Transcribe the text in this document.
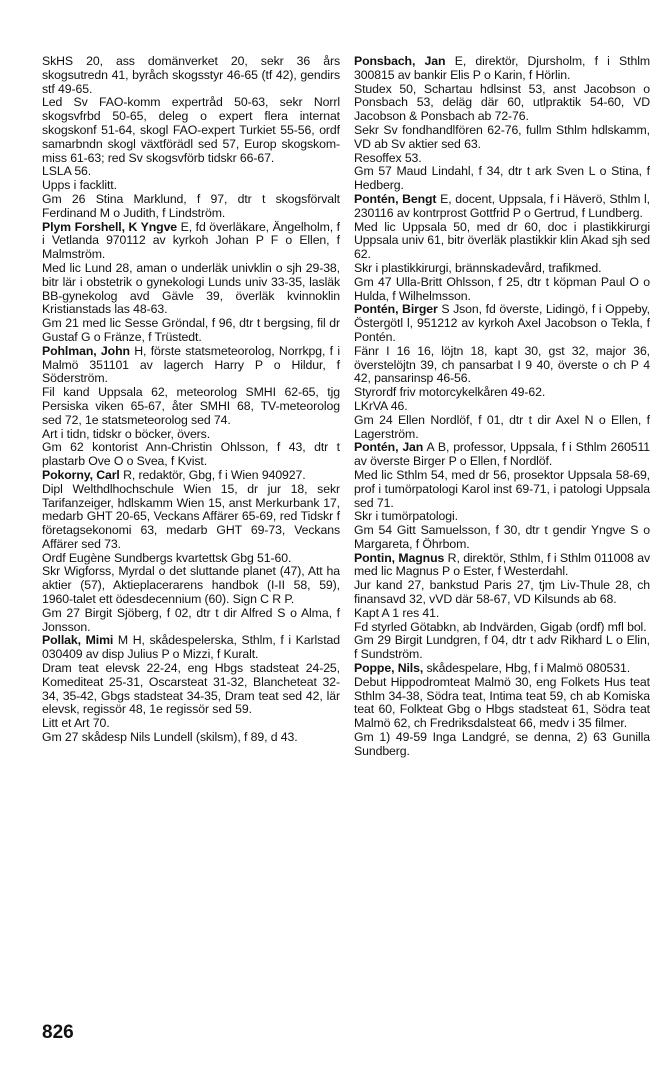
SkHS 20, ass domänverket 20, sekr 36 års skogsutredn 41, byråch skogsstyr 46-65 (tf 42), gendirs stf 49-65.

Led Sv FAO-komm expertråd 50-63, sekr Norrl skogsvfrbd 50-65, deleg o expert flera internat skogskonf 51-64, skogl FAO-expert Turkiet 55-56, ordf samarbndn skogl växtförädl sed 57, Europ skogskom-miss 61-63; red Sv skogsvförb tidskr 66-67.

LSLA 56.

Upps i facklitt.

Gm 26 Stina Marklund, f 97, dtr t skogsförvalt Ferdinand M o Judith, f Lindström.

Plym Forshell, K Yngve E, fd överläkare, Ängelholm, f i Vetlanda 970112 av kyrkoh Johan P F o Ellen, f Malmström.

Med lic Lund 28, aman o underläk univklin o sjh 29-38, bitr lär i obstetrik o gynekologi Lunds univ 33-35, lasläk BB-gynekolog avd Gävle 39, överläk kvinnoklin Kristianstads las 48-63.

Gm 21 med lic Sesse Gröndal, f 96, dtr t bergsing, fil dr Gustaf G o Fränze, f Trüstedt.

Pohlman, John H, förste statsmeteorolog, Norrkpg, f i Malmö 351101 av lagerch Harry P o Hildur, f Söderström.

Fil kand Uppsala 62, meteorolog SMHI 62-65, tjg Persiska viken 65-67, åter SMHI 68, TV-meteorolog sed 72, 1e statsmeteorolog sed 74.

Art i tidn, tidskr o böcker, övers.

Gm 62 kontorist Ann-Christin Ohlsson, f 43, dtr t plastarb Ove O o Svea, f Kvist.

Pokorny, Carl R, redaktör, Gbg, f i Wien 940927.

Dipl Welthdlhochschule Wien 15, dr jur 18, sekr Tarifanzeiger, hdlskamm Wien 15, anst Merkurbank 17, medarb GHT 20-65, Veckans Affärer 65-69, red Tidskr f företagsekonomi 63, medarb GHT 69-73, Veckans Affärer sed 73.

Ordf Eugène Sundbergs kvartettsk Gbg 51-60.

Skr Wigforss, Myrdal o det sluttande planet (47), Att ha aktier (57), Aktieplacerarens handbok (I-II 58, 59), 1960-talet ett ödesdecennium (60). Sign C R P.

Gm 27 Birgit Sjöberg, f 02, dtr t dir Alfred S o Alma, f Jonsson.

Pollak, Mimi M H, skådespelerska, Sthlm, f i Karlstad 030409 av disp Julius P o Mizzi, f Kuralt.

Dram teat elevsk 22-24, eng Hbgs stadsteat 24-25, Komediteat 25-31, Oscarsteat 31-32, Blancheteat 32-34, 35-42, Gbgs stadsteat 34-35, Dram teat sed 42, lär elevsk, regissör 48, 1e regissör sed 59.

Litt et Art 70.

Gm 27 skådesp Nils Lundell (skilsm), f 89, d 43.

Ponsbach, Jan E, direktör, Djursholm, f i Sthlm 300815 av bankir Elis P o Karin, f Hörlin.

Studex 50, Schartau hdlsinst 53, anst Jacobson o Ponsbach 53, deläg där 60, utlpraktik 54-60, VD Jacobson & Ponsbach ab 72-76.

Sekr Sv fondhandlfören 62-76, fullm Sthlm hdlskamm, VD ab Sv aktier sed 63.

Resoffex 53.

Gm 57 Maud Lindahl, f 34, dtr t ark Sven L o Stina, f Hedberg.

Pontén, Bengt E, docent, Uppsala, f i Häverö, Sthlm l, 230116 av kontrprost Gottfrid P o Gertrud, f Lundberg.

Med lic Uppsala 50, med dr 60, doc i plastikkirurgi Uppsala univ 61, bitr överläk plastikkir klin Akad sjh sed 62.

Skr i plastikkirurgi, brännskadevård, trafikmed.

Gm 47 Ulla-Britt Ohlsson, f 25, dtr t köpman Paul O o Hulda, f Wilhelmsson.

Pontén, Birger S Json, fd överste, Lidingö, f i Oppeby, Östergötl l, 951212 av kyrkoh Axel Jacobson o Tekla, f Pontén.

Fänr I 16 16, löjtn 18, kapt 30, gst 32, major 36, överstelöjtn 39, ch pansarbat I 9 40, överste o ch P 4 42, pansarinsp 46-56.

Styrordf friv motorcykelkåren 49-62.

LKrVA 46.

Gm 24 Ellen Nordlöf, f 01, dtr t dir Axel N o Ellen, f Lagerström.

Pontén, Jan A B, professor, Uppsala, f i Sthlm 260511 av överste Birger P o Ellen, f Nordlöf.

Med lic Sthlm 54, med dr 56, prosektor Uppsala 58-69, prof i tumörpatologi Karol inst 69-71, i patologi Uppsala sed 71.

Skr i tumörpatologi.

Gm 54 Gitt Samuelsson, f 30, dtr t gendir Yngve S o Margareta, f Öhrbom.

Pontin, Magnus R, direktör, Sthlm, f i Sthlm 011008 av med lic Magnus P o Ester, f Westerdahl.

Jur kand 27, bankstud Paris 27, tjm Liv-Thule 28, ch finansavd 32, vVD där 58-67, VD Kilsunds ab 68.

Kapt A 1 res 41.

Fd styrled Götabkn, ab Indvärden, Gigab (ordf) mfl bol.

Gm 29 Birgit Lundgren, f 04, dtr t adv Rikhard L o Elin, f Sundström.

Poppe, Nils, skådespelare, Hbg, f i Malmö 080531.

Debut Hippodromteat Malmö 30, eng Folkets Hus teat Sthlm 34-38, Södra teat, Intima teat 59, ch ab Komiska teat 60, Folkteat Gbg o Hbgs stadsteat 61, Södra teat Malmö 62, ch Fredriksdalsteat 66, medv i 35 filmer.

Gm 1) 49-59 Inga Landgré, se denna, 2) 63 Gunilla Sundberg.

826
